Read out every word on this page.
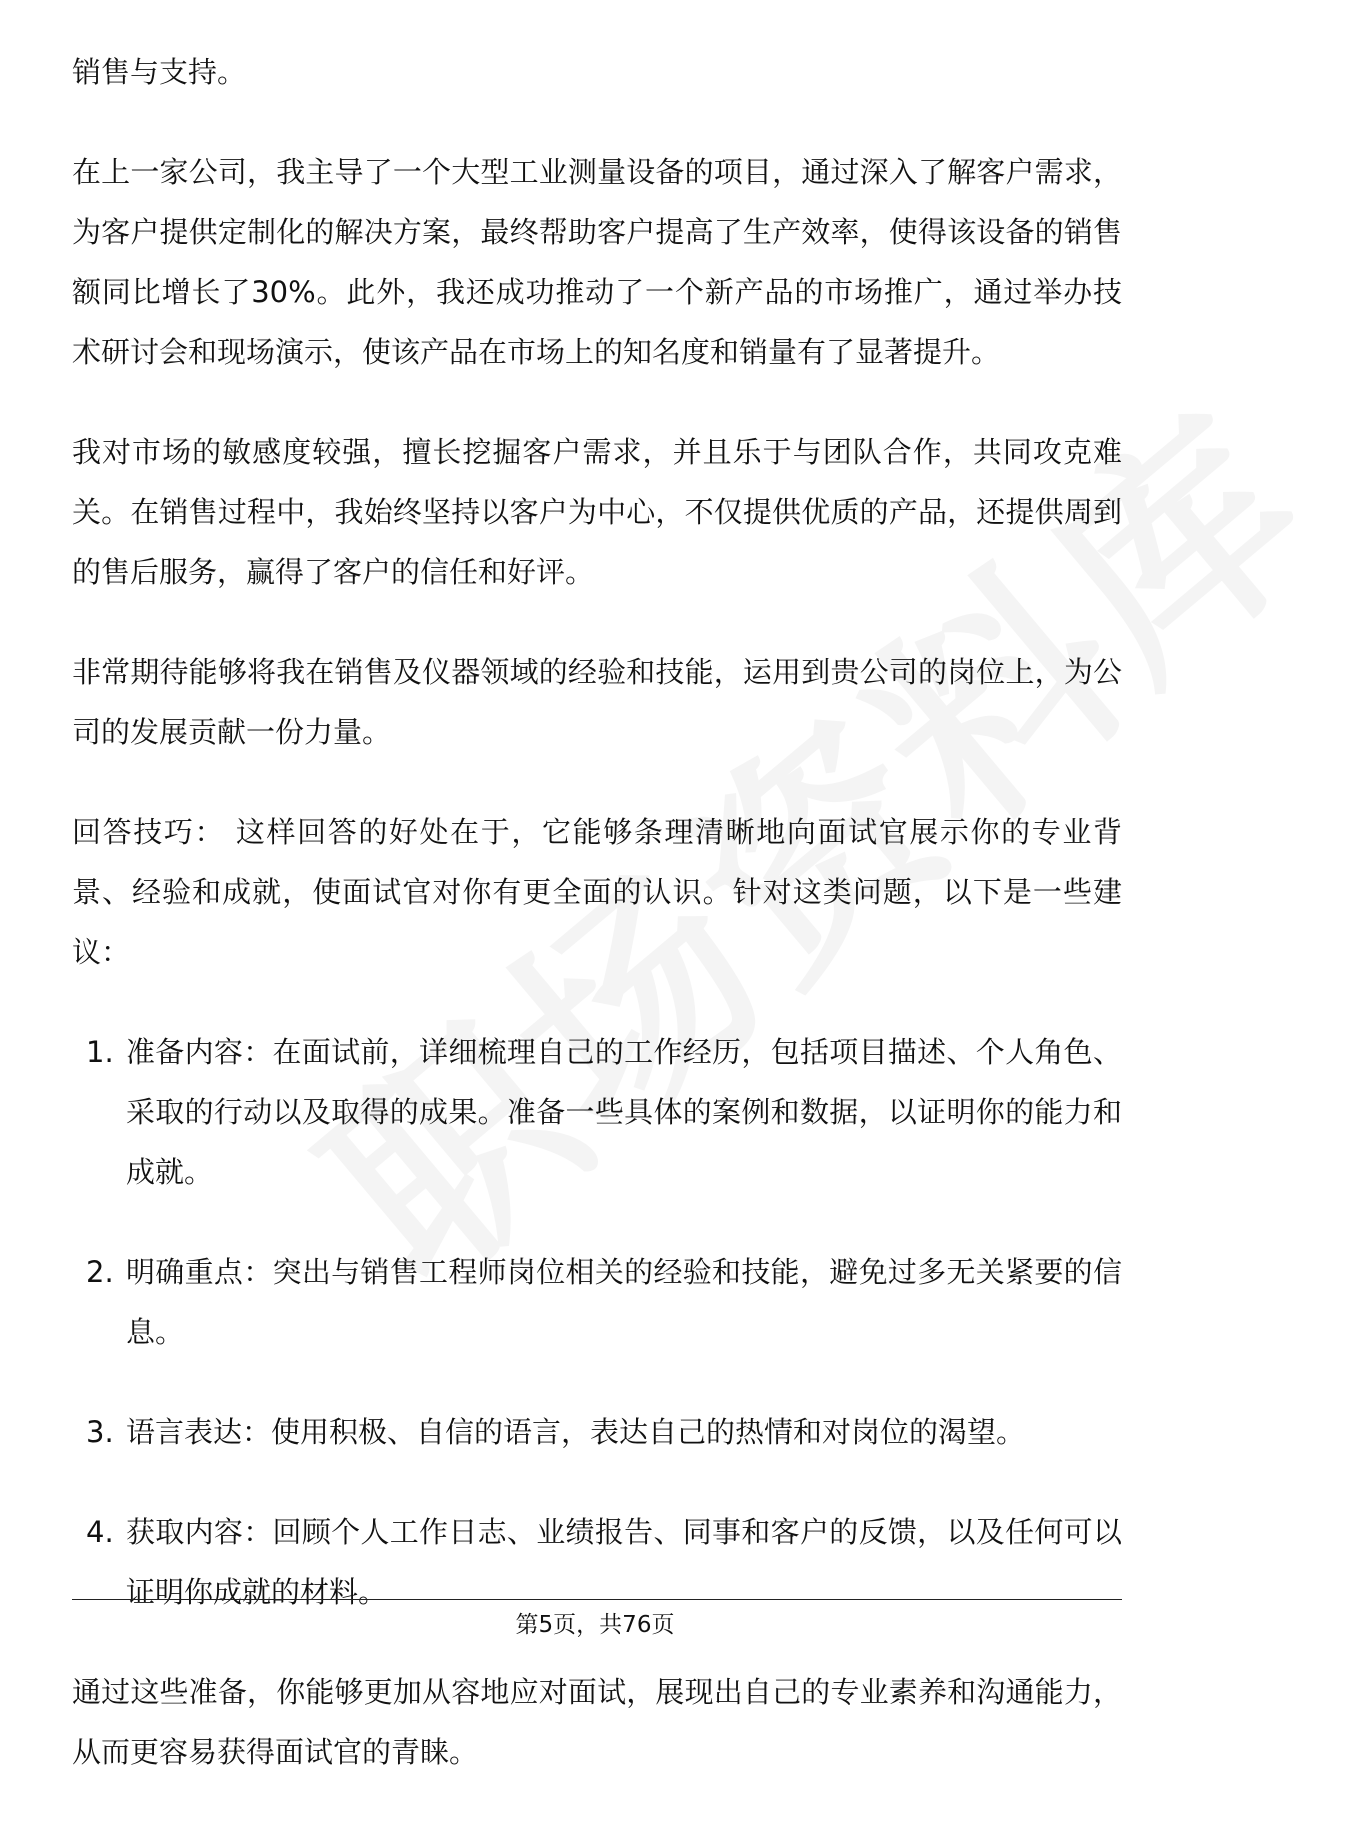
销售与支持。

在上一家公司，我主导了一个大型工业测量设备的项目，通过深入了解客户需求，为客户提供定制化的解决方案，最终帮助客户提高了生产效率，使得该设备的销售额同比增长了30%。此外，我还成功推动了一个新产品的市场推广，通过举办技术研讨会和现场演示，使该产品在市场上的知名度和销量有了显著提升。

我对市场的敏感度较强，擅长挖掘客户需求，并且乐于与团队合作，共同攻克难关。在销售过程中，我始终坚持以客户为中心，不仅提供优质的产品，还提供周到的售后服务，赢得了客户的信任和好评。

非常期待能够将我在销售及仪器领域的经验和技能，运用到贵公司的岗位上，为公司的发展贡献一份力量。

回答技巧： 这样回答的好处在于，它能够条理清晰地向面试官展示你的专业背景、经验和成就，使面试官对你有更全面的认识。针对这类问题，以下是一些建议：

1. 准备内容：在面试前，详细梳理自己的工作经历，包括项目描述、个人角色、采取的行动以及取得的成果。准备一些具体的案例和数据，以证明你的能力和成就。
2. 明确重点：突出与销售工程师岗位相关的经验和技能，避免过多无关紧要的信息。
3. 语言表达：使用积极、自信的语言，表达自己的热情和对岗位的渴望。
4. 获取内容：回顾个人工作日志、业绩报告、同事和客户的反馈，以及任何可以证明你成就的材料。

通过这些准备，你能够更加从容地应对面试，展现出自己的专业素养和沟通能力，从而更容易获得面试官的青睐。

第5页，共76页
